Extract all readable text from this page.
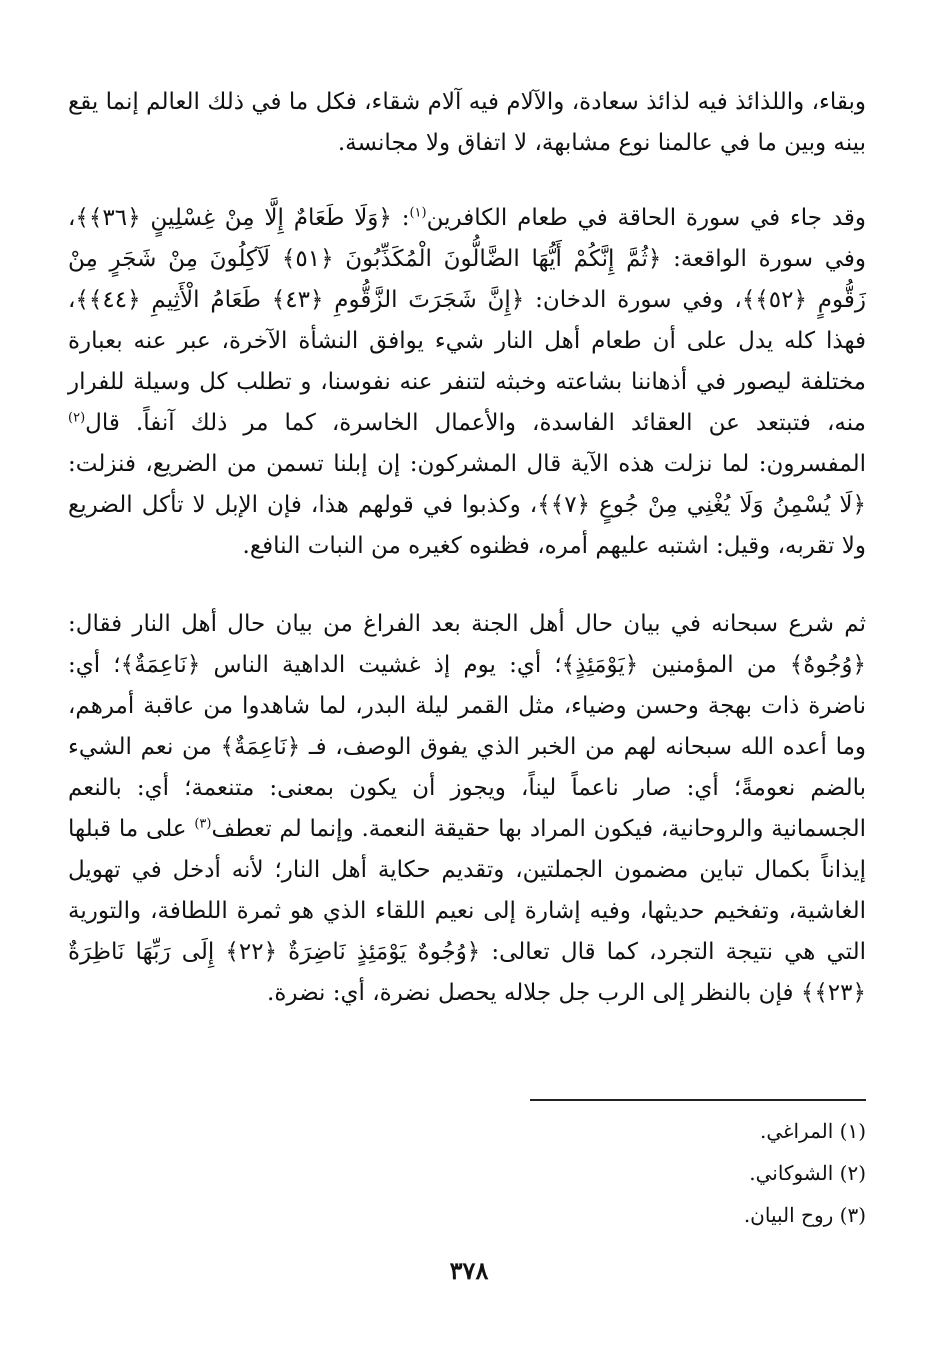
وبقاء، واللذائذ فيه لذائذ سعادة، والآلام فيه آلام شقاء، فكل ما في ذلك العالم إنما يقع بينه وبين ما في عالمنا نوع مشابهة، لا اتفاق ولا مجانسة.

وقد جاء في سورة الحاقة في طعام الكافرين$^{(١)}$: ﴿وَلَا طَعَامٌ إِلَّا مِنْ غِسْلِينٍ ﴿٣٦﴾﴾، وفي سورة الواقعة: ﴿ثُمَّ إِنَّكُمْ أَيُّهَا الضَّالُّونَ الْمُكَذِّبُونَ ﴿٥١﴾ لَآكِلُونَ مِنْ شَجَرٍ مِنْ زَقُّومٍ ﴿٥٢﴾﴾، وفي سورة الدخان: ﴿إِنَّ شَجَرَتَ الزَّقُّومِ ﴿٤٣﴾ طَعَامُ الْأَثِيمِ ﴿٤٤﴾﴾، فهذا كله يدل على أن طعام أهل النار شيء يوافق النشأة الآخرة، عبر عنه بعبارة مختلفة ليصور في أذهاننا بشاعته وخبثه لتنفر عنه نفوسنا، و تطلب كل وسيلة للفرار منه، فتبتعد عن العقائد الفاسدة، والأعمال الخاسرة، كما مر ذلك آنفاً. قال$^{(٢)}$ المفسرون: لما نزلت هذه الآية قال المشركون: إن إبلنا تسمن من الضريع، فنزلت: ﴿لَا يُسْمِنُ وَلَا يُغْنِي مِنْ جُوعٍ ﴿٧﴾﴾، وكذبوا في قولهم هذا، فإن الإبل لا تأكل الضريع ولا تقربه، وقيل: اشتبه عليهم أمره، فظنوه كغيره من النبات النافع.

ثم شرع سبحانه في بيان حال أهل الجنة بعد الفراغ من بيان حال أهل النار فقال: ﴿وُجُوهٌ﴾ من المؤمنين ﴿يَوْمَئِذٍ﴾؛ أي: يوم إذ غشيت الداهية الناس ﴿نَاعِمَةٌ﴾؛ أي: ناضرة ذات بهجة وحسن وضياء، مثل القمر ليلة البدر، لما شاهدوا من عاقبة أمرهم، وما أعده الله سبحانه لهم من الخبر الذي يفوق الوصف، فـ ﴿نَاعِمَةٌ﴾ من نعم الشيء بالضم نعومةً؛ أي: صار ناعماً ليناً، ويجوز أن يكون بمعنى: متنعمة؛ أي: بالنعم الجسمانية والروحانية، فيكون المراد بها حقيقة النعمة. وإنما لم تعطف$^{(٣)}$ على ما قبلها إيذاناً بكمال تباين مضمون الجملتين، وتقديم حكاية أهل النار؛ لأنه أدخل في تهويل الغاشية، وتفخيم حديثها، وفيه إشارة إلى نعيم اللقاء الذي هو ثمرة اللطافة، والتورية التي هي نتيجة التجرد، كما قال تعالى: ﴿وُجُوهٌ يَوْمَئِذٍ نَاضِرَةٌ ﴿٢٢﴾ إِلَى رَبِّهَا نَاظِرَةٌ ﴿٢٣﴾﴾ فإن بالنظر إلى الرب جل جلاله يحصل نضرة، أي: نضرة.

(١) المراغي.
(٢) الشوكاني.
(٣) روح البيان.
٣٧٨
